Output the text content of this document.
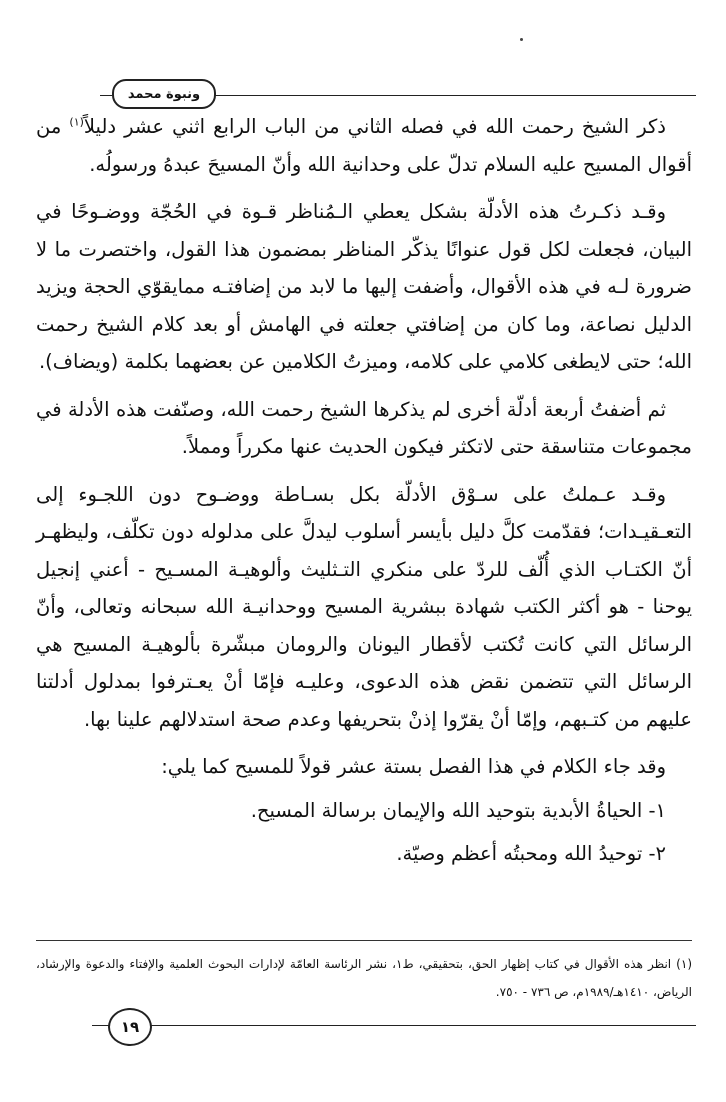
ونبوة محمد

ذكر الشيخ رحمت الله في فصله الثاني من الباب الرابع اثني عشر دليلاً$^{(١)}$ من أقوال المسيح عليه السلام تدلّ على وحدانية الله وأنّ المسيحَ عبدهُ ورسولُه.

وقـد ذكـرتُ هذه الأدلّة بشكل يعطي الـمُناظر قـوة في الحُجّة ووضـوحًا في البيان، فجعلت لكل قول عنوانًا يذكّر المناظر بمضمون هذا القول، واختصرت ما لا ضرورة لـه في هذه الأقوال، وأضفت إليها ما لابد من إضافتـه ممايقوّي الحجة ويزيد الدليل نصاعة، وما كان من إضافتي جعلته في الهامش أو بعد كلام الشيخ رحمت الله؛ حتى لايطغى كلامي على كلامه، وميزتُ الكلامين عن بعضهما بكلمة (ويضاف).

ثم أضفتُ أربعة أدلّة أخرى لم يذكرها الشيخ رحمت الله، وصنّفت هذه الأدلة في مجموعات متناسقة حتى لاتكثر فيكون الحديث عنها مكرراً ومملاً.

وقـد عـملتُ على سـوْق الأدلّة بكل بسـاطة ووضـوح دون اللجـوء إلى التعـقيـدات؛ فقدّمت كلَّ دليل بأيسر أسلوب ليدلَّ على مدلوله دون تكلّف، وليظهـر أنّ الكتـاب الذي أُلّف للردّ على منكري التـثليث وألوهيـة المسـيح - أعني إنجيل يوحنا - هو أكثر الكتب شهادة ببشرية المسيح ووحدانيـة الله سبحانه وتعالى، وأنّ الرسائل التي كانت تُكتب لأقطار اليونان والرومان مبشّرة بألوهيـة المسيح هي الرسائل التي تتضمن نقض هذه الدعوى، وعليـه فإمّا أنْ يعـترفوا بمدلول أدلتنا عليهم من كتـبهم، وإمّا أنْ يقرّوا إذنْ بتحريفها وعدم صحة استدلالهم علينا بها.

وقد جاء الكلام في هذا الفصل بستة عشر قولاً للمسيح كما يلي:

١- الحياةُ الأبدية بتوحيد الله والإيمان برسالة المسيح.

٢- توحيدُ الله ومحبتُه أعظم وصيّة.

(١) انظر هذه الأقوال في كتاب إظهار الحق، بتحقيقي، ط١، نشر الرئاسة العامّة لإدارات البحوث العلمية والإفتاء والدعوة والإرشاد، الرياض، ١٤١٠هـ/١٩٨٩م، ص ٧٣٦ - ٧٥٠.

١٩
